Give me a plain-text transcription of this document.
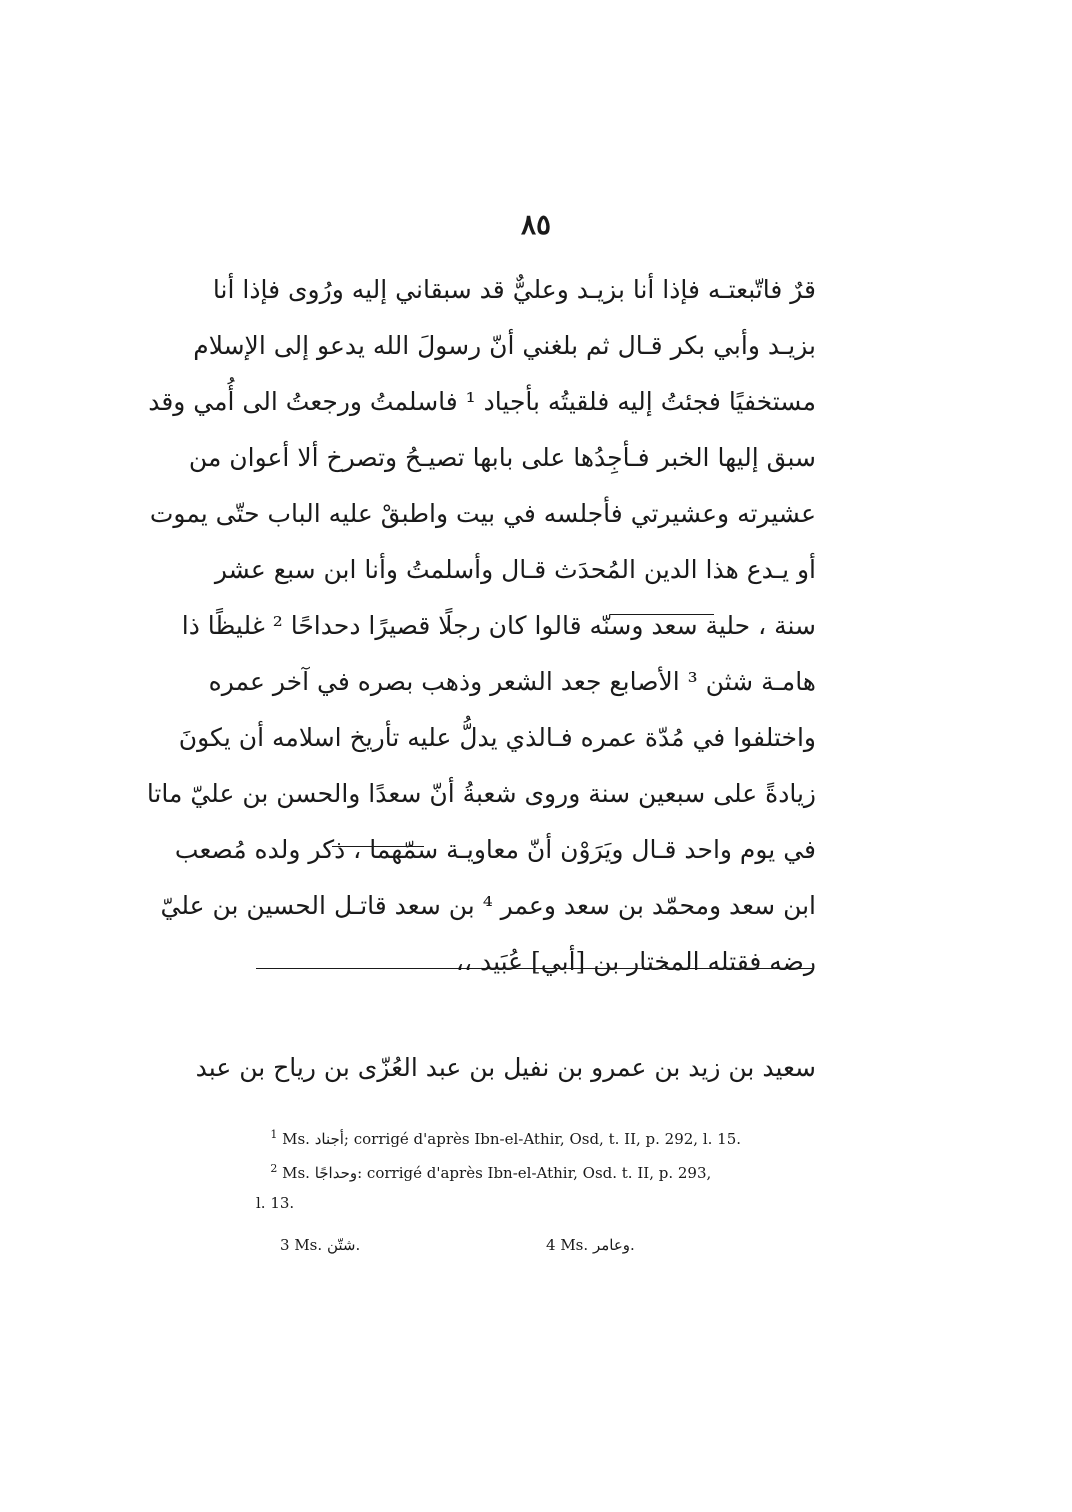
٨٥
قرٌ فاتّبعتـه فإذا أنا بزيـد وعليٌّ قد سبقاني إليه ورُوى فإذا أنا
بزيـد وأبي بكر قـال ثم بلغني أنّ رسولَ الله يدعو إلى الإسلام
مستخفيًا فجئتُ إليه فلقيتُه بأجياد ¹ فاسلمتُ ورجعتُ الى أُمي وقد
سبق إليها الخبر فـأجِدُها على بابها تصيـحُ وتصرخ ألا أعوان من
عشيرته وعشيرتي فأجلسه في بيت واطبقْ عليه الباب حتّى يموت
أو يـدع هذا الدين المُحدَث قـال وأسلمتُ وأنا ابن سبع عشر
سنة ، حلية سعد وسنّه قالوا كان رجلًا قصيرًا دحداحًا ² غليظًا ذا
هامـة شثن ³ الأصابع جعد الشعر وذهب بصره في آخر عمره
واختلفوا في مُدّة عمره فـالذي يدلُّ عليه تأريخ اسلامه أن يكونَ
زيادةً على سبعين سنة وروى شعبةُ أنّ سعدًا والحسن بن عليّ ماتا
في يوم واحد قـال ويَرَوْن أنّ معاويـة سمّهما ، ذكر ولده مُصعب
ابن سعد ومحمّد بن سعد وعمر ⁴ بن سعد قاتـل الحسين بن عليّ
رضه فقتله المختار بن [أبي] عُبَيد ،،
سعيد بن زيد بن عمرو بن نفيل بن عبد العُزّى بن رياح بن عبد
$^1$ Ms. أجناد; corrigé d'après Ibn-el-Athir, Osd, t. II, p. 292, l. 15.
$^2$ Ms. وحداجًا: corrigé d'après Ibn-el-Athir, Osd. t. II, p. 293,
l. 13.
3 Ms. شتّن.	4 Ms. وعامر.
